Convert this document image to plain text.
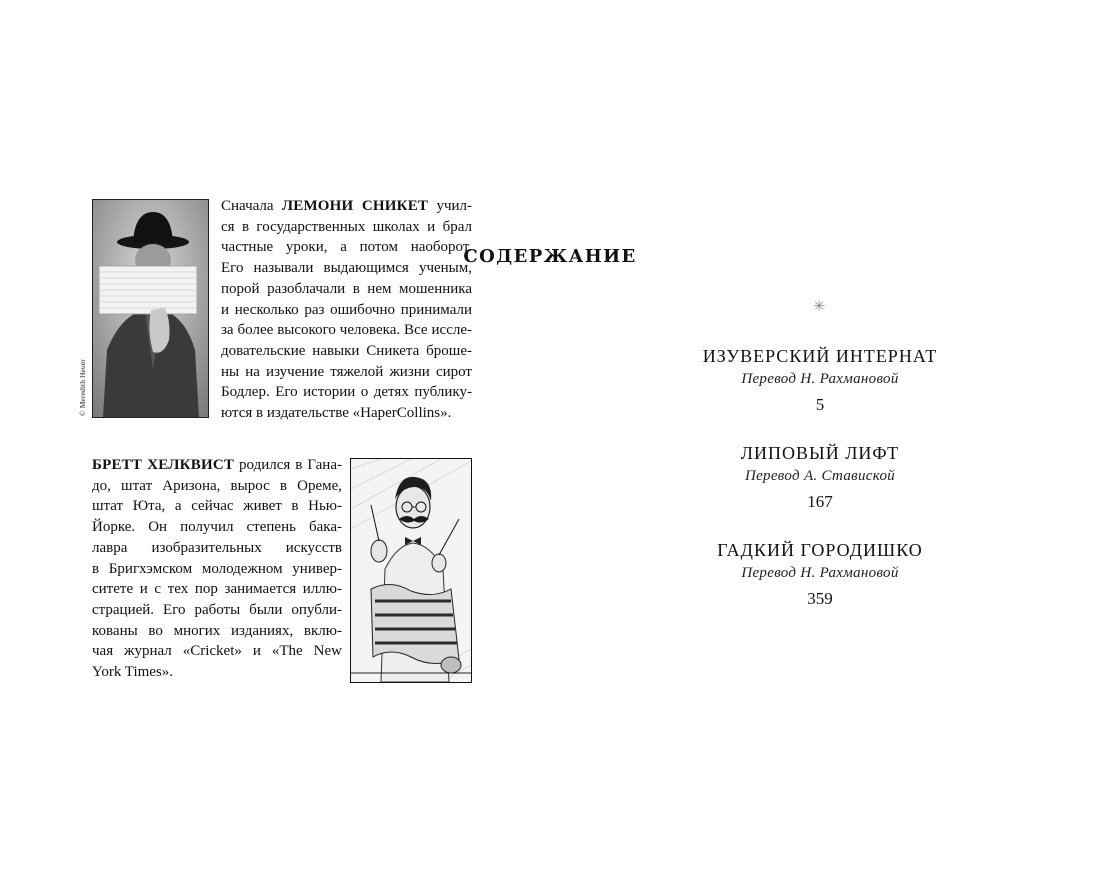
© Meredith Heuer
Сначала ЛЕМОНИ СНИКЕТ учил-
ся в государственных школах и брал
частные уроки, а потом наоборот.
Его называли выдающимся ученым,
порой разоблачали в нем мошенника
и несколько раз ошибочно принимали
за более высокого человека. Все иссле-
довательские навыки Сникета брошe-
ны на изучение тяжелой жизни сирот
Бодлер. Его истории о детях публику-
ются в издательстве «HaperCollins».
БРЕТТ ХЕЛКВИСТ родился в Гана-
до, штат Аризона, вырос в Ореме,
штат Юта, а сейчас живет в Нью-
Йорке. Он получил степень бака-
лавра изобразительных искусств
в Бригхэмском молодежном универ-
ситете и с тех пор занимается иллю-
страцией. Его работы были опубли-
кованы во многих изданиях, вклю-
чая журнал «Cricket» и «The New
York Times».
СОДЕРЖАНИЕ
✳
ИЗУВЕРСКИЙ ИНТЕРНАТ
Перевод Н. Рахмановой
5
ЛИПОВЫЙ ЛИФТ
Перевод А. Ставиской
167
ГАДКИЙ ГОРОДИШКО
Перевод Н. Рахмановой
359
